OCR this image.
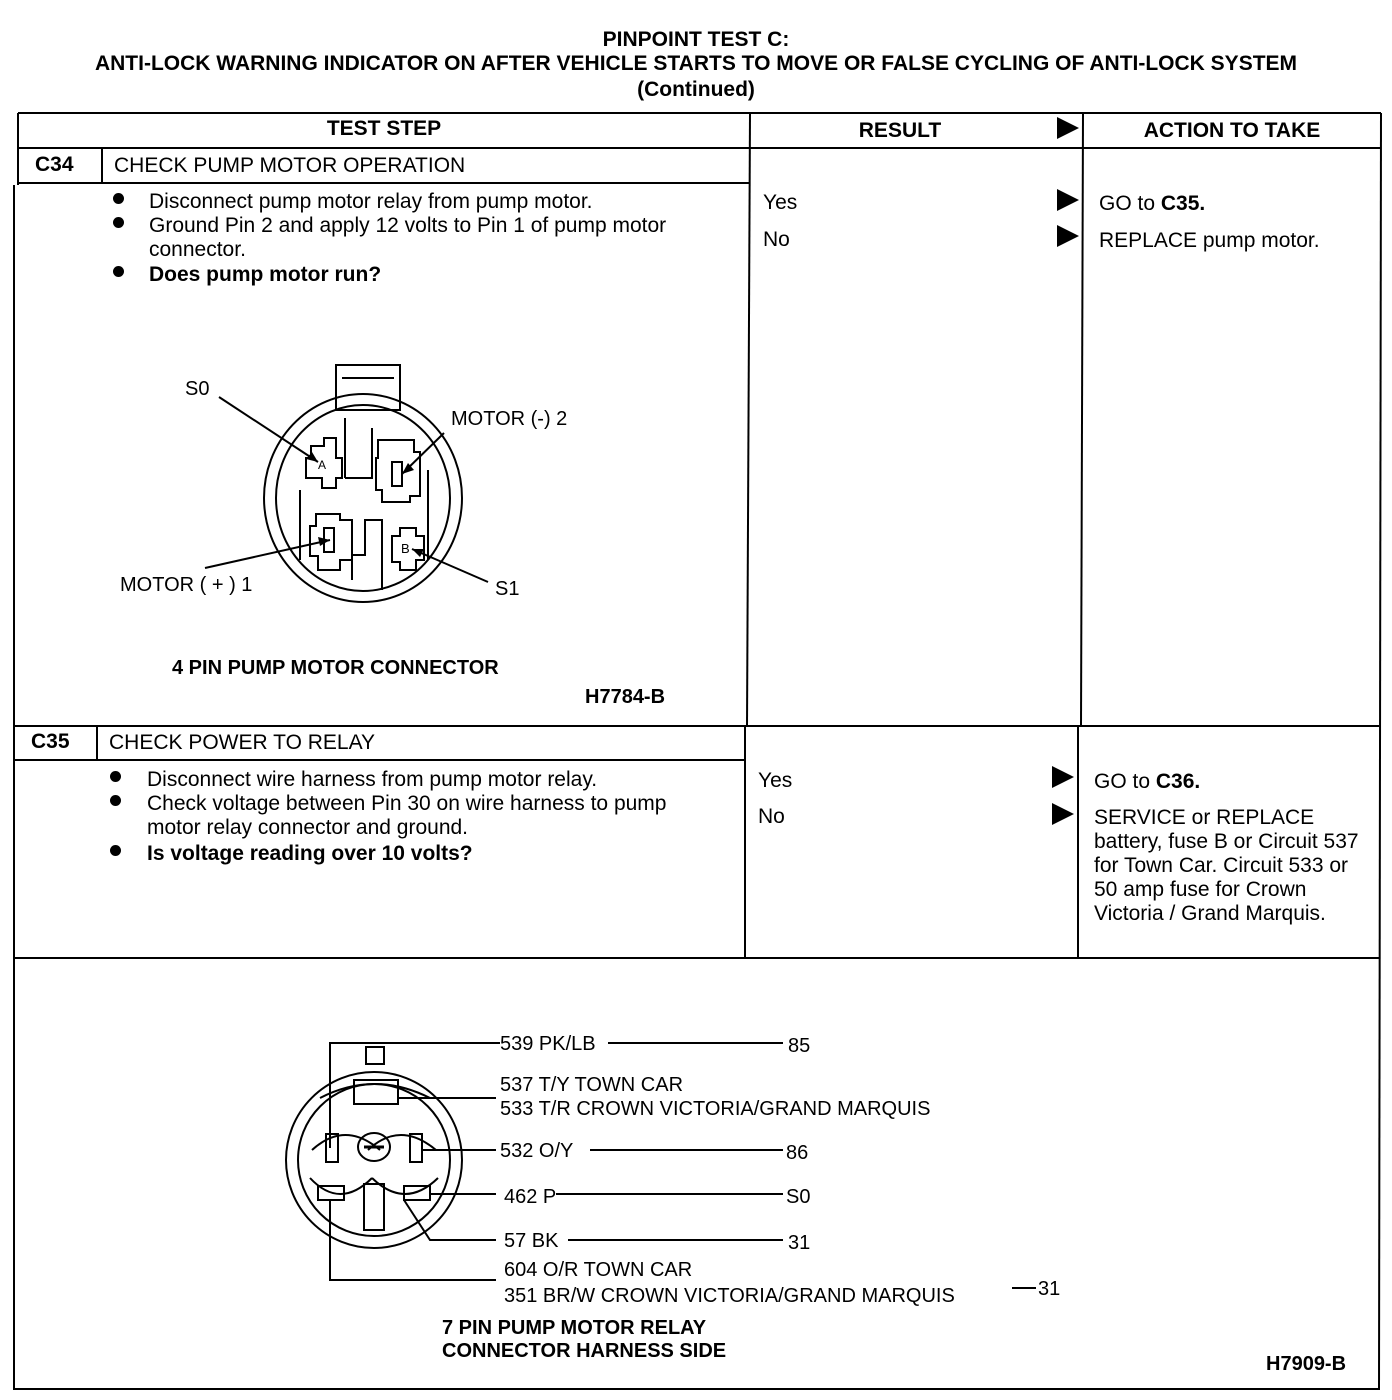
PINPOINT TEST C:
ANTI-LOCK WARNING INDICATOR ON AFTER VEHICLE STARTS TO MOVE OR FALSE CYCLING OF ANTI-LOCK SYSTEM
(Continued)
TEST STEP	RESULT	ACTION TO TAKE
C34 CHECK PUMP MOTOR OPERATION
Disconnect pump motor relay from pump motor.
Ground Pin 2 and apply 12 volts to Pin 1 of pump motor connector.
Does pump motor run?
Yes	GO to C35.
No	REPLACE pump motor.
S0
MOTOR (-) 2
MOTOR ( + ) 1	S1
A
B
4 PIN PUMP MOTOR CONNECTOR
H7784-B
C35 CHECK POWER TO RELAY
Disconnect wire harness from pump motor relay.
Check voltage between Pin 30 on wire harness to pump motor relay connector and ground.
Is voltage reading over 10 volts?
Yes	GO to C36.
No	SERVICE or REPLACE battery, fuse B or Circuit 537 for Town Car. Circuit 533 or 50 amp fuse for Crown Victoria / Grand Marquis.
539 PK/LB	85
537 T/Y TOWN CAR
533 T/R CROWN VICTORIA/GRAND MARQUIS
532 O/Y	86
462 P	S0
57 BK	31
604 O/R TOWN CAR
351 BR/W CROWN VICTORIA/GRAND MARQUIS	31
7 PIN PUMP MOTOR RELAY
CONNECTOR HARNESS SIDE
H7909-B
